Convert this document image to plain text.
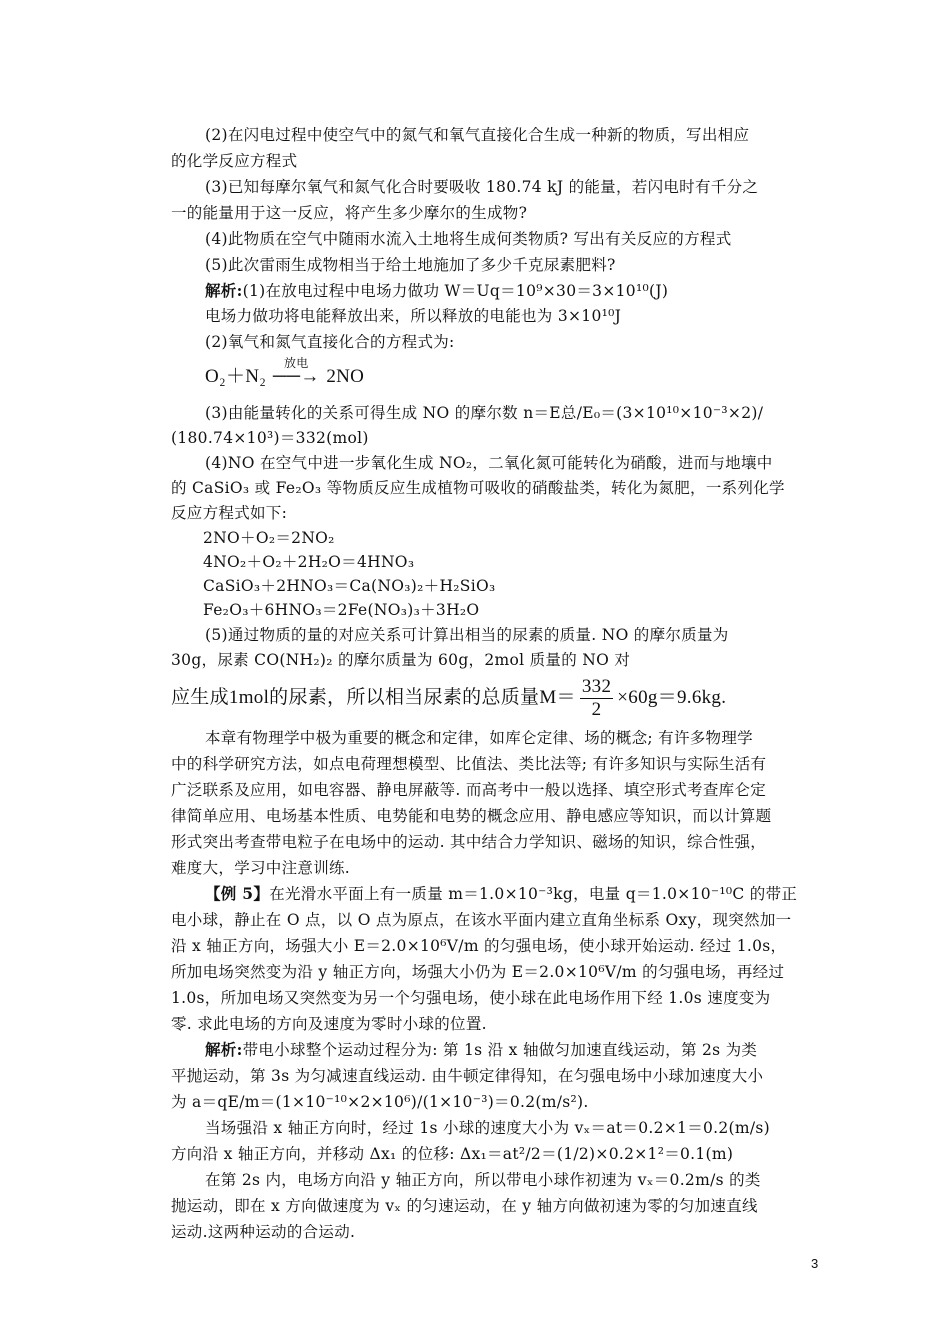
(2)在闪电过程中使空气中的氮气和氧气直接化合生成一种新的物质，写出相应
的化学反应方程式
(3)已知每摩尔氧气和氮气化合时要吸收 180.74 kJ 的能量，若闪电时有千分之
一的能量用于这一反应，将产生多少摩尔的生成物?
(4)此物质在空气中随雨水流入土地将生成何类物质? 写出有关反应的方程式
(5)此次雷雨生成物相当于给土地施加了多少千克尿素肥料?
解析:(1)在放电过程中电场力做功 W＝Uq＝10⁹×30＝3×10¹⁰(J)
电场力做功将电能释放出来，所以释放的电能也为 3×10¹⁰J
(2)氧气和氮气直接化合的方程式为:
O₂＋N₂
放电
──→ 2NO
(3)由能量转化的关系可得生成 NO 的摩尔数 n＝E总/E₀＝(3×10¹⁰×10⁻³×2)/
(180.74×10³)＝332(mol)
(4)NO 在空气中进一步氧化生成 NO₂，二氧化氮可能转化为硝酸，进而与地壤中
的 CaSiO₃ 或 Fe₂O₃ 等物质反应生成植物可吸收的硝酸盐类，转化为氮肥，一系列化学
反应方程式如下:
2NO＋O₂＝2NO₂
4NO₂＋O₂＋2H₂O＝4HNO₃
CaSiO₃＋2HNO₃＝Ca(NO₃)₂＋H₂SiO₃
Fe₂O₃＋6HNO₃＝2Fe(NO₃)₃＋3H₂O
(5)通过物质的量的对应关系可计算出相当的尿素的质量. NO 的摩尔质量为
30g，尿素 CO(NH₂)₂ 的摩尔质量为 60g，2mol 质量的 NO 对
应生成1mol的尿素，所以相当尿素的总质量$M= \frac{332}{2} \times 60g=9.6kg$.
本章有物理学中极为重要的概念和定律，如库仑定律、场的概念; 有许多物理学
中的科学研究方法，如点电荷理想模型、比值法、类比法等; 有许多知识与实际生活有
广泛联系及应用，如电容器、静电屏蔽等. 而高考中一般以选择、填空形式考查库仑定
律简单应用、电场基本性质、电势能和电势的概念应用、静电感应等知识，而以计算题
形式突出考查带电粒子在电场中的运动. 其中结合力学知识、磁场的知识，综合性强，
难度大，学习中注意训练.
【例 5】在光滑水平面上有一质量 m＝1.0×10⁻³kg，电量 q＝1.0×10⁻¹⁰C 的带正
电小球，静止在 O 点，以 O 点为原点，在该水平面内建立直角坐标系 Oxy，现突然加一
沿 x 轴正方向，场强大小 E＝2.0×10⁶V/m 的匀强电场，使小球开始运动. 经过 1.0s，
所加电场突然变为沿 y 轴正方向，场强大小仍为 E＝2.0×10⁶V/m 的匀强电场，再经过
1.0s，所加电场又突然变为另一个匀强电场，使小球在此电场作用下经 1.0s 速度变为
零. 求此电场的方向及速度为零时小球的位置.
解析:带电小球整个运动过程分为: 第 1s 沿 x 轴做匀加速直线运动，第 2s 为类
平抛运动，第 3s 为匀减速直线运动. 由牛顿定律得知，在匀强电场中小球加速度大小
为 a＝qE/m＝(1×10⁻¹⁰×2×10⁶)/(1×10⁻³)＝0.2(m/s²).
当场强沿 x 轴正方向时，经过 1s 小球的速度大小为 vₓ＝at＝0.2×1＝0.2(m/s)
方向沿 x 轴正方向，并移动 Δx₁ 的位移: Δx₁＝at²/2＝(1/2)×0.2×1²＝0.1(m)
在第 2s 内，电场方向沿 y 轴正方向，所以带电小球作初速为 vₓ＝0.2m/s 的类
抛运动，即在 x 方向做速度为 vₓ 的匀速运动，在 y 轴方向做初速为零的匀加速直线
运动.这两种运动的合运动.
3
